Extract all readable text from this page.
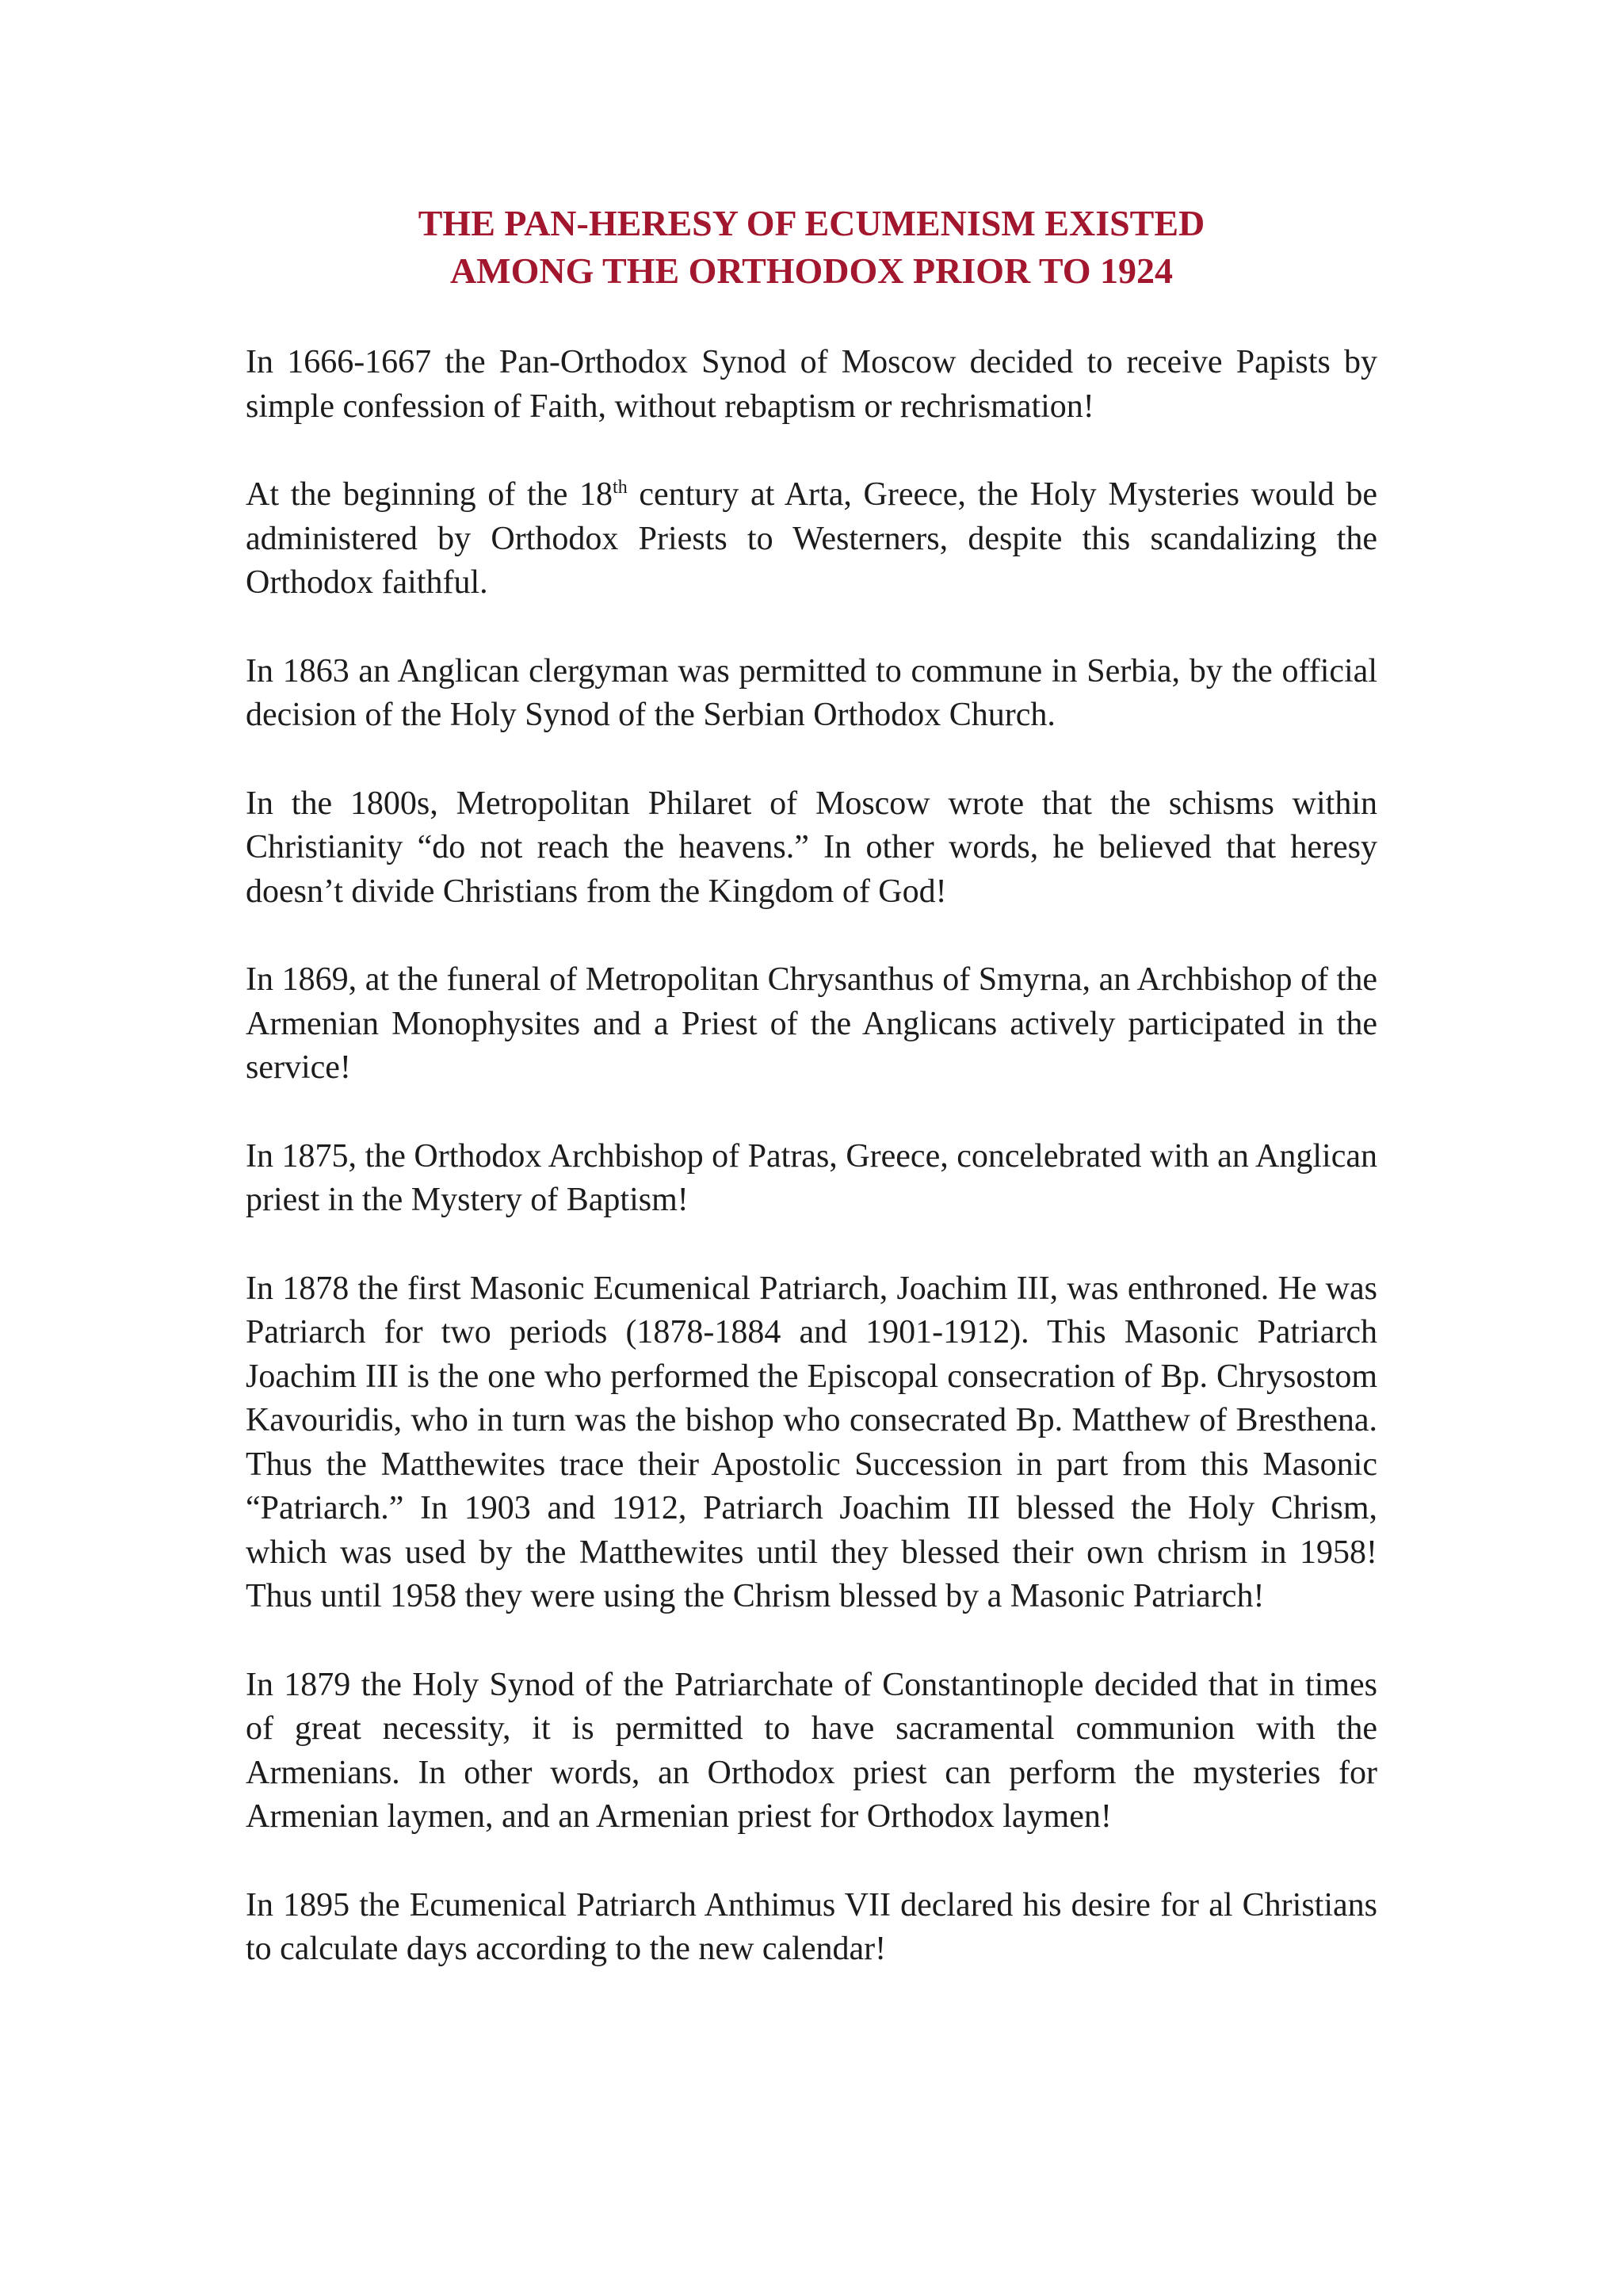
THE PAN-HERESY OF ECUMENISM EXISTED
AMONG THE ORTHODOX PRIOR TO 1924

In 1666-1667 the Pan-Orthodox Synod of Moscow decided to receive Papists by simple confession of Faith, without rebaptism or rechrismation!

At the beginning of the 18th century at Arta, Greece, the Holy Mysteries would be administered by Orthodox Priests to Westerners, despite this scandalizing the Orthodox faithful.

In 1863 an Anglican clergyman was permitted to commune in Serbia, by the official decision of the Holy Synod of the Serbian Orthodox Church.

In the 1800s, Metropolitan Philaret of Moscow wrote that the schisms within Christianity “do not reach the heavens.” In other words, he believed that heresy doesn’t divide Christians from the Kingdom of God!

In 1869, at the funeral of Metropolitan Chrysanthus of Smyrna, an Archbishop of the Armenian Monophysites and a Priest of the Anglicans actively participated in the service!

In 1875, the Orthodox Archbishop of Patras, Greece, concelebrated with an Anglican priest in the Mystery of Baptism!

In 1878 the first Masonic Ecumenical Patriarch, Joachim III, was enthroned. He was Patriarch for two periods (1878-1884 and 1901-1912). This Masonic Patriarch Joachim III is the one who performed the Episcopal consecration of Bp. Chrysostom Kavouridis, who in turn was the bishop who consecrated Bp. Matthew of Bresthena. Thus the Matthewites trace their Apostolic Succession in part from this Masonic “Patriarch.” In 1903 and 1912, Patriarch Joachim III blessed the Holy Chrism, which was used by the Matthewites until they blessed their own chrism in 1958! Thus until 1958 they were using the Chrism blessed by a Masonic Patriarch!

In 1879 the Holy Synod of the Patriarchate of Constantinople decided that in times of great necessity, it is permitted to have sacramental communion with the Armenians. In other words, an Orthodox priest can perform the mysteries for Armenian laymen, and an Armenian priest for Orthodox laymen!

In 1895 the Ecumenical Patriarch Anthimus VII declared his desire for al Christians to calculate days according to the new calendar!
